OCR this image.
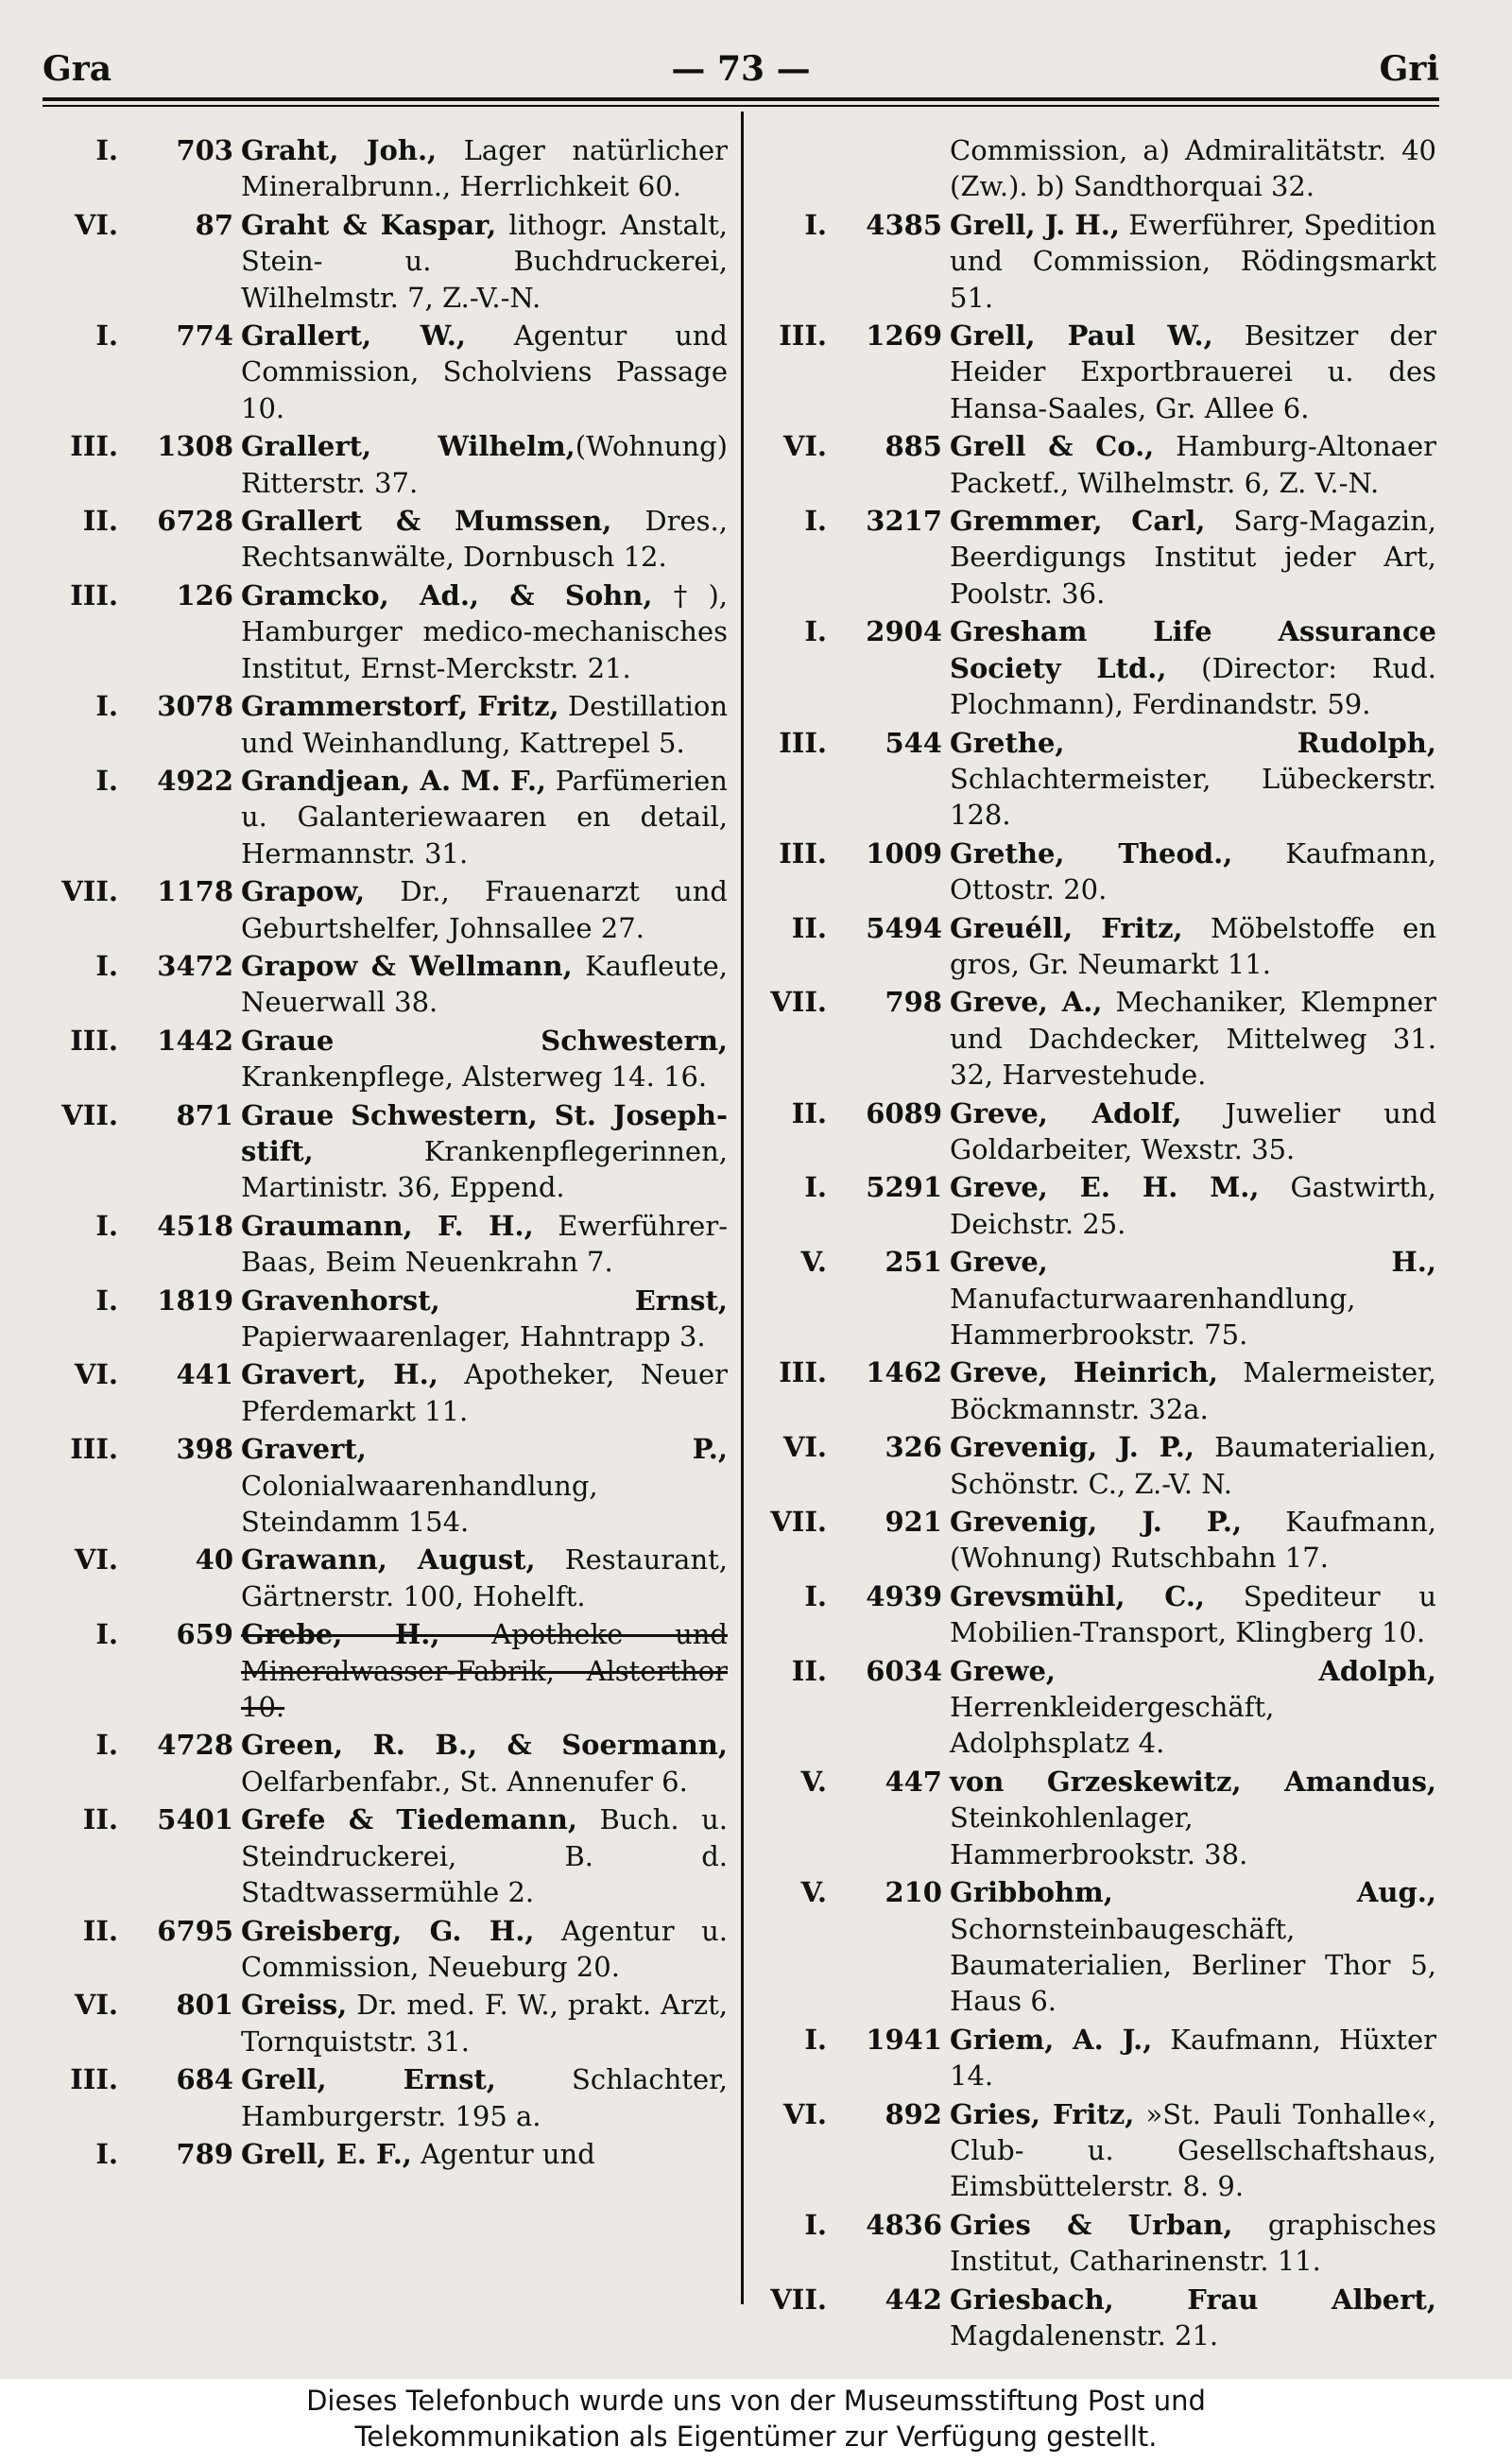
Gra	— 73 —	Gri
I.	703 Graht, Joh., Lager natürlicher Mineralbrunn., Herrlichkeit 60.
VI.	87 Graht & Kaspar, lithogr. Anstalt, Stein- u. Buchdruckerei, Wilhelmstr. 7, Z.-V.-N.
I.	774 Grallert, W., Agentur und Commission, Scholviens Passage 10.
III.	1308 Grallert, Wilhelm,(Wohnung) Ritterstr. 37.
II.	6728 Grallert & Mumssen, Dres., Rechtsanwälte, Dornbusch 12.
III.	126 Gramcko, Ad., & Sohn,†), Hamburger medico-mechanisches Institut, Ernst-Merckstr. 21.
I.	3078 Grammerstorf, Fritz, Destillation und Weinhandlung, Kattrepel 5.
I.	4922 Grandjean, A. M. F., Parfümerien u. Galanteriewaaren en detail, Hermannstr. 31.
VII.	1178 Grapow, Dr., Frauenarzt und Geburtshelfer, Johnsallee 27.
I.	3472 Grapow & Wellmann, Kaufleute, Neuerwall 38.
III.	1442 Graue Schwestern, Krankenpflege, Alsterweg 14. 16.
VII.	871 Graue Schwestern, St. Joseph-stift, Krankenpflegerinnen, Martinistr. 36, Eppend.
I.	4518 Graumann, F. H., Ewerführer-Baas, Beim Neuenkrahn 7.
I.	1819 Gravenhorst, Ernst, Papierwaarenlager, Hahntrapp 3.
VI.	441 Gravert, H., Apotheker, Neuer Pferdemarkt 11.
III.	398 Gravert, P., Colonialwaarenhandlung, Steindamm 154.
VI.	40 Grawann, August, Restaurant, Gärtnerstr. 100, Hohelft.
I.	659 Grebe, H., Apotheke und Mineralwasser-Fabrik, Alsterthor 10.
I.	4728 Green, R. B., & Soermann, Oelfarbenfabr., St. Annenufer 6.
II.	5401 Grefe & Tiedemann, Buch. u. Steindruckerei, B. d. Stadtwassermühle 2.
II.	6795 Greisberg, G. H., Agentur u. Commission, Neueburg 20.
VI.	801 Greiss, Dr. med. F. W., prakt. Arzt, Tornquiststr. 31.
III.	684 Grell, Ernst, Schlachter, Hamburgerstr. 195 a.
I.	789 Grell, E. F., Agentur und
Commission, a) Admiralitätstr. 40 (Zw.). b) Sandthorquai 32.
I.	4385 Grell, J. H., Ewerführer, Spedition und Commission, Rödingsmarkt 51.
III.	1269 Grell, Paul W., Besitzer der Heider Exportbrauerei u. des Hansa-Saales, Gr. Allee 6.
VI.	885 Grell & Co., Hamburg-Altonaer Packetf., Wilhelmstr. 6, Z. V.-N.
I.	3217 Gremmer, Carl, Sarg-Magazin, Beerdigungs Institut jeder Art, Poolstr. 36.
I.	2904 Gresham Life Assurance Society Ltd., (Director: Rud. Plochmann), Ferdinandstr. 59.
III.	544 Grethe, Rudolph, Schlachtermeister, Lübeckerstr. 128.
III.	1009 Grethe, Theod., Kaufmann, Ottostr. 20.
II.	5494 Greuéll, Fritz, Möbelstoffe en gros, Gr. Neumarkt 11.
VII.	798 Greve, A., Mechaniker, Klempner und Dachdecker, Mittelweg 31. 32, Harvestehude.
II.	6089 Greve, Adolf, Juwelier und Goldarbeiter, Wexstr. 35.
I.	5291 Greve, E. H. M., Gastwirth, Deichstr. 25.
V.	251 Greve, H., Manufacturwaarenhandlung, Hammerbrookstr. 75.
III.	1462 Greve, Heinrich, Malermeister, Böckmannstr. 32a.
VI.	326 Grevenig, J. P., Baumaterialien, Schönstr. C., Z.-V. N.
VII.	921 Grevenig, J. P., Kaufmann, (Wohnung) Rutschbahn 17.
I.	4939 Grevsmühl, C., Spediteur u Mobilien-Transport, Klingberg 10.
II.	6034 Grewe, Adolph, Herrenkleidergeschäft, Adolphsplatz 4.
V.	447 von Grzeskewitz, Amandus, Steinkohlenlager, Hammerbrookstr. 38.
V.	210 Gribbohm, Aug., Schornsteinbaugeschäft, Baumaterialien, Berliner Thor 5, Haus 6.
I.	1941 Griem, A. J., Kaufmann, Hüxter 14.
VI.	892 Gries, Fritz, »St. Pauli Tonhalle«, Club- u. Gesellschaftshaus, Eimsbüttelerstr. 8. 9.
I.	4836 Gries & Urban, graphisches Institut, Catharinenstr. 11.
VII.	442 Griesbach, Frau Albert, Magdalenenstr. 21.
Dieses Telefonbuch wurde uns von der Museumsstiftung Post und
Telekommunikation als Eigentümer zur Verfügung gestellt.
